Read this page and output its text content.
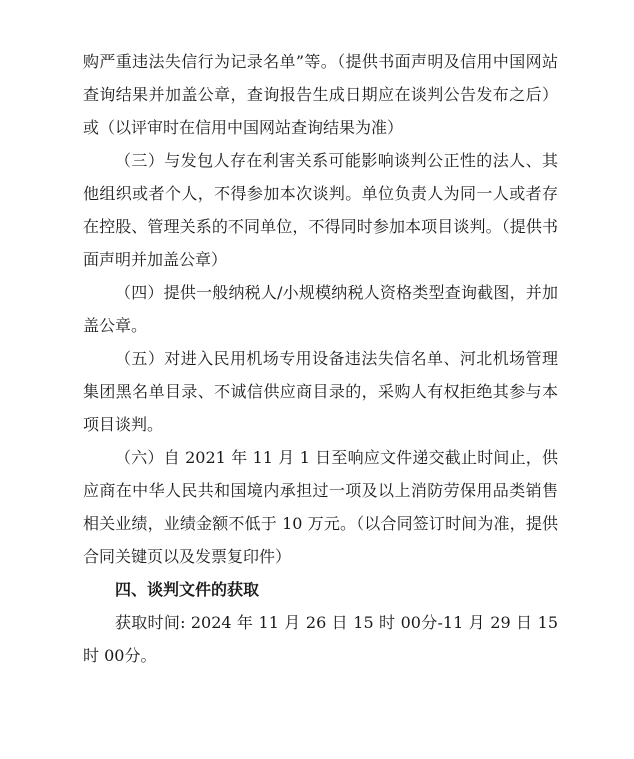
购严重违法失信行为记录名单”等。（提供书面声明及信用中国网站查询结果并加盖公章，查询报告生成日期应在谈判公告发布之后）或（以评审时在信用中国网站查询结果为准）

（三）与发包人存在利害关系可能影响谈判公正性的法人、其他组织或者个人，不得参加本次谈判。单位负责人为同一人或者存在控股、管理关系的不同单位，不得同时参加本项目谈判。（提供书面声明并加盖公章）

（四）提供一般纳税人/小规模纳税人资格类型查询截图，并加盖公章。

（五）对进入民用机场专用设备违法失信名单、河北机场管理集团黑名单目录、不诚信供应商目录的，采购人有权拒绝其参与本项目谈判。

（六）自 2021 年 11 月 1 日至响应文件递交截止时间止，供应商在中华人民共和国境内承担过一项及以上消防劳保用品类销售相关业绩，业绩金额不低于 10 万元。（以合同签订时间为准，提供合同关键页以及发票复印件）

四、谈判文件的获取

获取时间: 2024 年 11 月 26 日 15 时 00分-11 月 29 日 15 时 00分。
